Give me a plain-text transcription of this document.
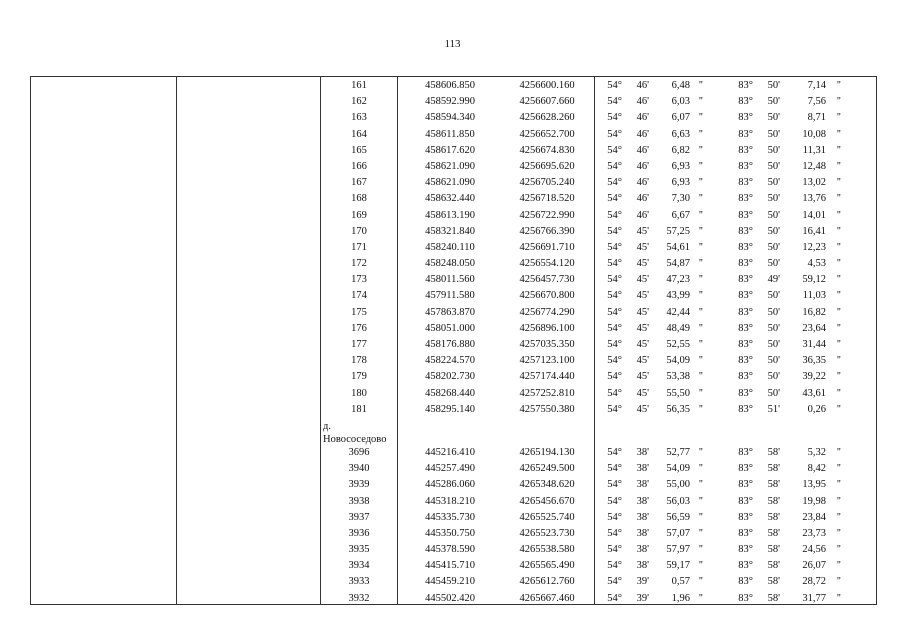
113
161	458606.850	4256600.160	54°	46'	6,48 ''	83°	50'	7,14 ''
162	458592.990	4256607.660	54°	46'	6,03 ''	83°	50'	7,56 ''
163	458594.340	4256628.260	54°	46'	6,07 ''	83°	50'	8,71 ''
164	458611.850	4256652.700	54°	46'	6,63 ''	83°	50'	10,08 ''
165	458617.620	4256674.830	54°	46'	6,82 ''	83°	50'	11,31 ''
166	458621.090	4256695.620	54°	46'	6,93 ''	83°	50'	12,48 ''
167	458621.090	4256705.240	54°	46'	6,93 ''	83°	50'	13,02 ''
168	458632.440	4256718.520	54°	46'	7,30 ''	83°	50'	13,76 ''
169	458613.190	4256722.990	54°	46'	6,67 ''	83°	50'	14,01 ''
170	458321.840	4256766.390	54°	45'	57,25 ''	83°	50'	16,41 ''
171	458240.110	4256691.710	54°	45'	54,61 ''	83°	50'	12,23 ''
172	458248.050	4256554.120	54°	45'	54,87 ''	83°	50'	4,53 ''
173	458011.560	4256457.730	54°	45'	47,23 ''	83°	49'	59,12 ''
174	457911.580	4256670.800	54°	45'	43,99 ''	83°	50'	11,03 ''
175	457863.870	4256774.290	54°	45'	42,44 ''	83°	50'	16,82 ''
176	458051.000	4256896.100	54°	45'	48,49 ''	83°	50'	23,64 ''
177	458176.880	4257035.350	54°	45'	52,55 ''	83°	50'	31,44 ''
178	458224.570	4257123.100	54°	45'	54,09 ''	83°	50'	36,35 ''
179	458202.730	4257174.440	54°	45'	53,38 ''	83°	50'	39,22 ''
180	458268.440	4257252.810	54°	45'	55,50 ''	83°	50'	43,61 ''
181	458295.140	4257550.380	54°	45'	56,35 ''	83°	51'	0,26 ''
д. Новососедово
3696	445216.410	4265194.130	54°	38'	52,77 ''	83°	58'	5,32 ''
3940	445257.490	4265249.500	54°	38'	54,09 ''	83°	58'	8,42 ''
3939	445286.060	4265348.620	54°	38'	55,00 ''	83°	58'	13,95 ''
3938	445318.210	4265456.670	54°	38'	56,03 ''	83°	58'	19,98 ''
3937	445335.730	4265525.740	54°	38'	56,59 ''	83°	58'	23,84 ''
3936	445350.750	4265523.730	54°	38'	57,07 ''	83°	58'	23,73 ''
3935	445378.590	4265538.580	54°	38'	57,97 ''	83°	58'	24,56 ''
3934	445415.710	4265565.490	54°	38'	59,17 ''	83°	58'	26,07 ''
3933	445459.210	4265612.760	54°	39'	0,57 ''	83°	58'	28,72 ''
3932	445502.420	4265667.460	54°	39'	1,96 ''	83°	58'	31,77 ''
